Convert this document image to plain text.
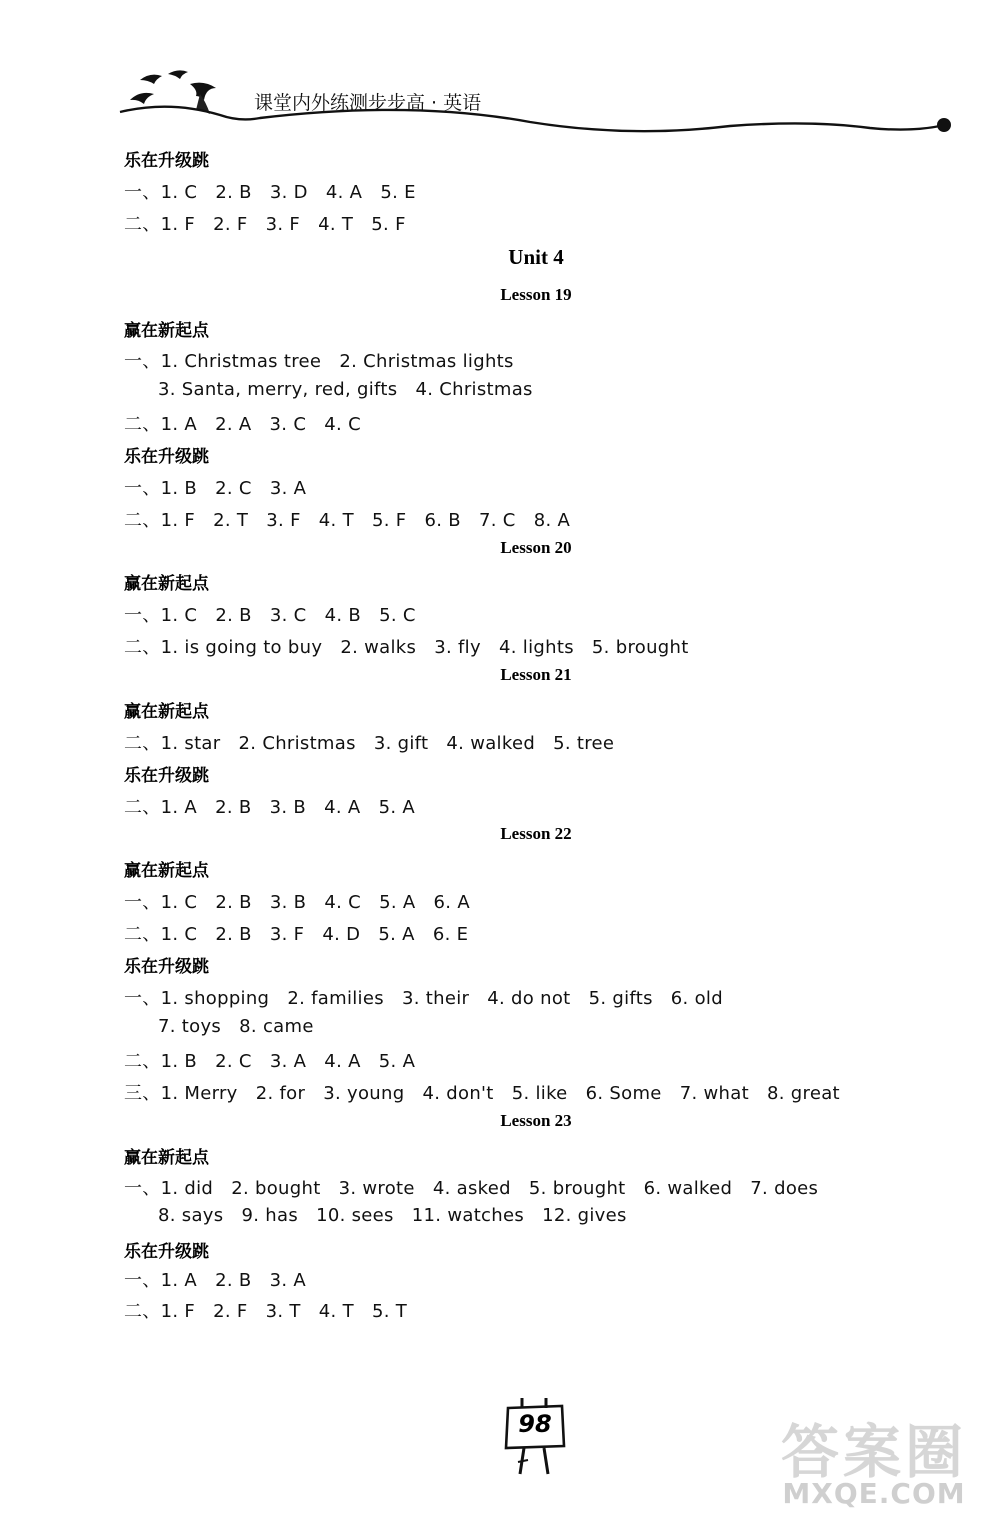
课堂内外练测步步高 · 英语
乐在升级跳
一、1. C   2. B   3. D   4. A   5. E
二、1. F   2. F   3. F   4. T   5. F
Unit 4
Lesson 19
赢在新起点
一、1. Christmas tree   2. Christmas lights
3. Santa, merry, red, gifts   4. Christmas
二、1. A   2. A   3. C   4. C
乐在升级跳
一、1. B   2. C   3. A
二、1. F   2. T   3. F   4. T   5. F   6. B   7. C   8. A
Lesson 20
赢在新起点
一、1. C   2. B   3. C   4. B   5. C
二、1. is going to buy   2. walks   3. fly   4. lights   5. brought
Lesson 21
赢在新起点
二、1. star   2. Christmas   3. gift   4. walked   5. tree
乐在升级跳
二、1. A   2. B   3. B   4. A   5. A
Lesson 22
赢在新起点
一、1. C   2. B   3. B   4. C   5. A   6. A
二、1. C   2. B   3. F   4. D   5. A   6. E
乐在升级跳
一、1. shopping   2. families   3. their   4. do not   5. gifts   6. old
7. toys   8. came
二、1. B   2. C   3. A   4. A   5. A
三、1. Merry   2. for   3. young   4. don't   5. like   6. Some   7. what   8. great
Lesson 23
赢在新起点
一、1. did   2. bought   3. wrote   4. asked   5. brought   6. walked   7. does
8. says   9. has   10. sees   11. watches   12. gives
乐在升级跳
一、1. A   2. B   3. A
二、1. F   2. F   3. T   4. T   5. T
98	答案圈
MXQE.COM
